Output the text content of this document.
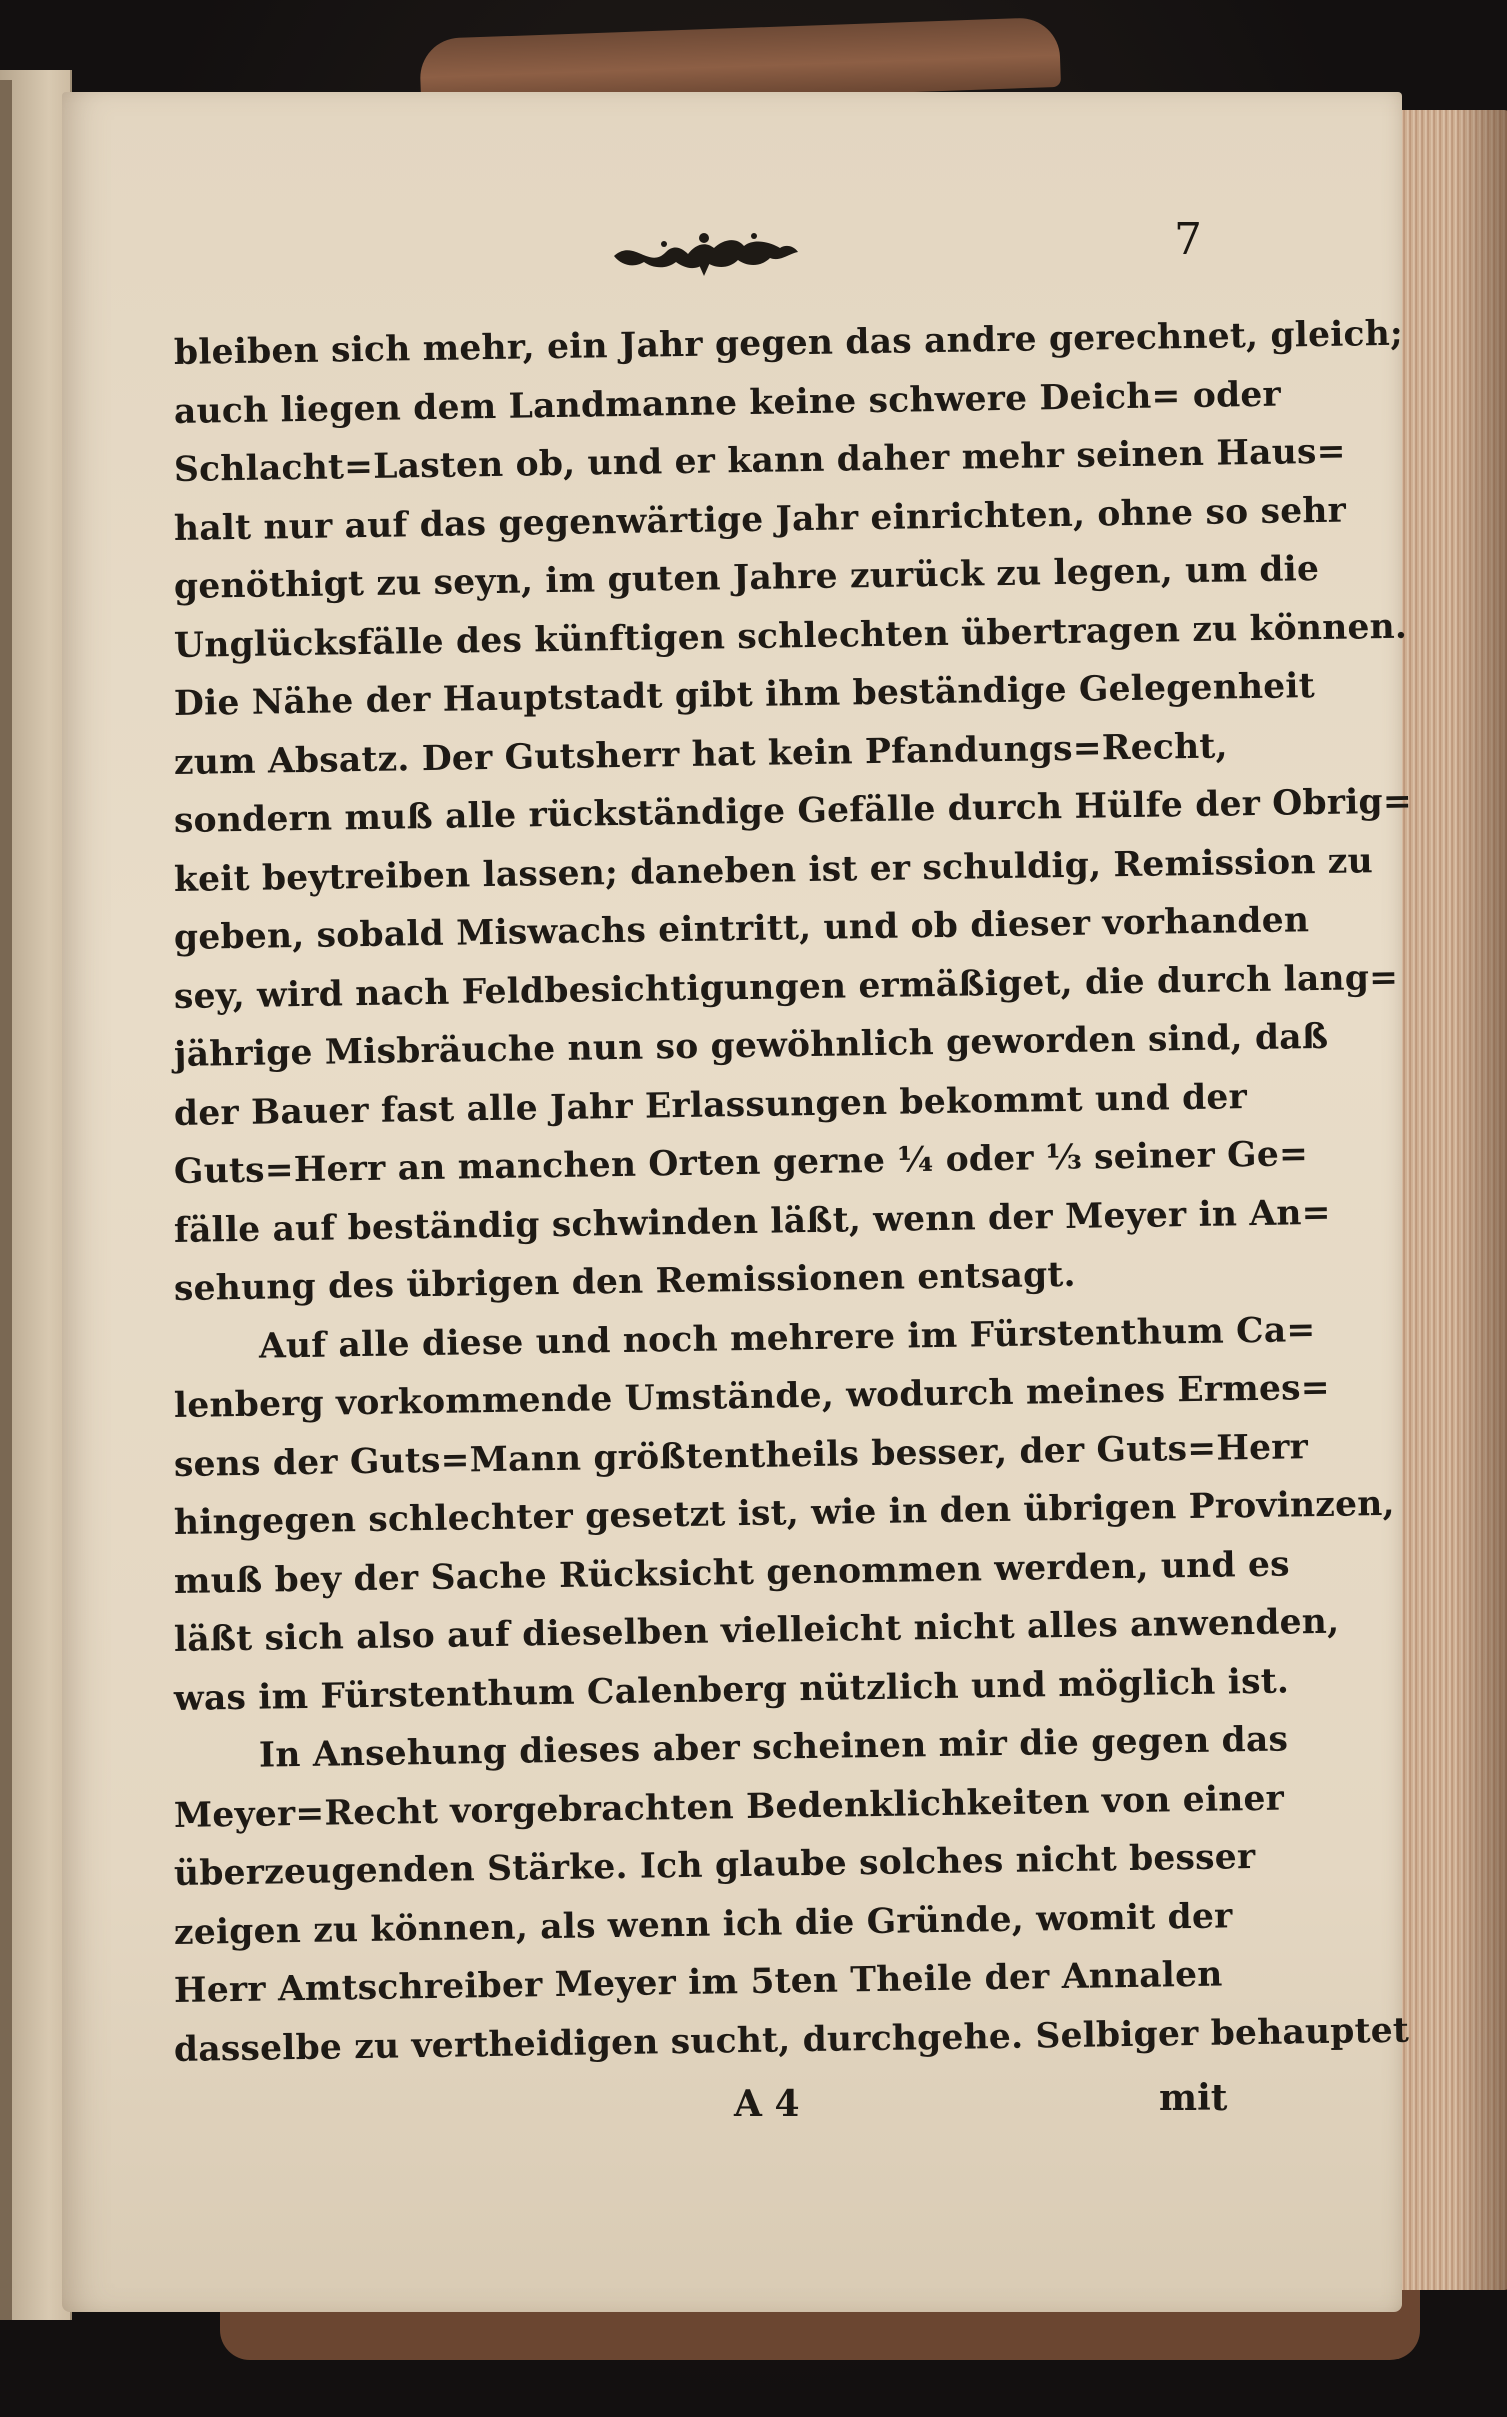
7
bleiben sich mehr, ein Jahr gegen das andre gerechnet, gleich;
auch liegen dem Landmanne keine schwere Deich= oder
Schlacht=Lasten ob, und er kann daher mehr seinen Haus=
halt nur auf das gegenwärtige Jahr einrichten, ohne so sehr
genöthigt zu seyn, im guten Jahre zurück zu legen, um die
Unglücksfälle des künftigen schlechten übertragen zu können.
Die Nähe der Hauptstadt gibt ihm beständige Gelegenheit
zum Absatz. Der Gutsherr hat kein Pfandungs=Recht,
sondern muß alle rückständige Gefälle durch Hülfe der Obrig=
keit beytreiben lassen; daneben ist er schuldig, Remission zu
geben, sobald Miswachs eintritt, und ob dieser vorhanden
sey, wird nach Feldbesichtigungen ermäßiget, die durch lang=
jährige Misbräuche nun so gewöhnlich geworden sind, daß
der Bauer fast alle Jahr Erlassungen bekommt und der
Guts=Herr an manchen Orten gerne ¼ oder ⅓ seiner Ge=
fälle auf beständig schwinden läßt, wenn der Meyer in An=
sehung des übrigen den Remissionen entsagt.
Auf alle diese und noch mehrere im Fürstenthum Ca=
lenberg vorkommende Umstände, wodurch meines Ermes=
sens der Guts=Mann größtentheils besser, der Guts=Herr
hingegen schlechter gesetzt ist, wie in den übrigen Provinzen,
muß bey der Sache Rücksicht genommen werden, und es
läßt sich also auf dieselben vielleicht nicht alles anwenden,
was im Fürstenthum Calenberg nützlich und möglich ist.
In Ansehung dieses aber scheinen mir die gegen das
Meyer=Recht vorgebrachten Bedenklichkeiten von einer
überzeugenden Stärke. Ich glaube solches nicht besser
zeigen zu können, als wenn ich die Gründe, womit der
Herr Amtschreiber Meyer im 5ten Theile der Annalen
dasselbe zu vertheidigen sucht, durchgehe. Selbiger behauptet
A 4	mit
